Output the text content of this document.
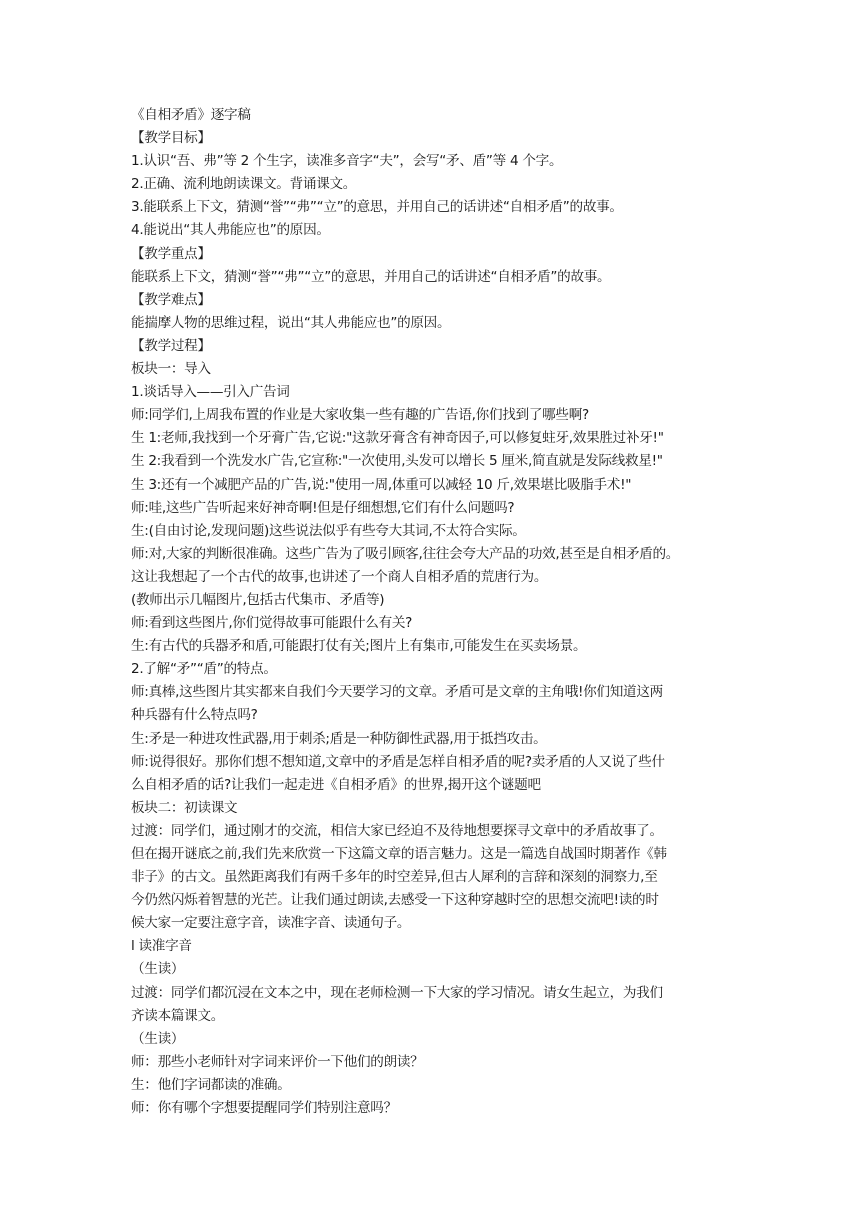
《自相矛盾》逐字稿
【教学目标】
1.认识“吾、弗”等 2 个生字，读准多音字“夫”，会写“矛、盾”等 4 个字。
2.正确、流利地朗读课文。背诵课文。
3.能联系上下文，猜测“誉”“弗”“立”的意思，并用自己的话讲述“自相矛盾”的故事。
4.能说出“其人弗能应也”的原因。
【教学重点】
能联系上下文，猜测“誉”“弗”“立”的意思，并用自己的话讲述“自相矛盾”的故事。
【教学难点】
能揣摩人物的思维过程，说出“其人弗能应也”的原因。
【教学过程】
板块一：导入
1.谈话导入——引入广告词
师:同学们,上周我布置的作业是大家收集一些有趣的广告语,你们找到了哪些啊?
生 1:老师,我找到一个牙膏广告,它说:"这款牙膏含有神奇因子,可以修复蛀牙,效果胜过补牙!"
生 2:我看到一个洗发水广告,它宣称:"一次使用,头发可以增长 5 厘米,简直就是发际线救星!"
生 3:还有一个减肥产品的广告,说:"使用一周,体重可以减轻 10 斤,效果堪比吸脂手术!"
师:哇,这些广告听起来好神奇啊!但是仔细想想,它们有什么问题吗?
生:(自由讨论,发现问题)这些说法似乎有些夸大其词,不太符合实际。
师:对,大家的判断很准确。这些广告为了吸引顾客,往往会夸大产品的功效,甚至是自相矛盾的。
这让我想起了一个古代的故事,也讲述了一个商人自相矛盾的荒唐行为。
(教师出示几幅图片,包括古代集市、矛盾等)
师:看到这些图片,你们觉得故事可能跟什么有关?
生:有古代的兵器矛和盾,可能跟打仗有关;图片上有集市,可能发生在买卖场景。
2.了解“矛”“盾”的特点。
师:真棒,这些图片其实都来自我们今天要学习的文章。矛盾可是文章的主角哦!你们知道这两
种兵器有什么特点吗?
生:矛是一种进攻性武器,用于刺杀;盾是一种防御性武器,用于抵挡攻击。
师:说得很好。那你们想不想知道,文章中的矛盾是怎样自相矛盾的呢?卖矛盾的人又说了些什
么自相矛盾的话?让我们一起走进《自相矛盾》的世界,揭开这个谜题吧
板块二：初读课文
过渡：同学们，通过刚才的交流，相信大家已经迫不及待地想要探寻文章中的矛盾故事了。
但在揭开谜底之前,我们先来欣赏一下这篇文章的语言魅力。这是一篇选自战国时期著作《韩
非子》的古文。虽然距离我们有两千多年的时空差异,但古人犀利的言辞和深刻的洞察力,至
今仍然闪烁着智慧的光芒。让我们通过朗读,去感受一下这种穿越时空的思想交流吧!读的时
候大家一定要注意字音，读准字音、读通句子。
l 读准字音
（生读）
过渡：同学们都沉浸在文本之中，现在老师检测一下大家的学习情况。请女生起立，为我们
齐读本篇课文。
（生读）
师：那些小老师针对字词来评价一下他们的朗读？
生：他们字词都读的准确。
师：你有哪个字想要提醒同学们特别注意吗？
